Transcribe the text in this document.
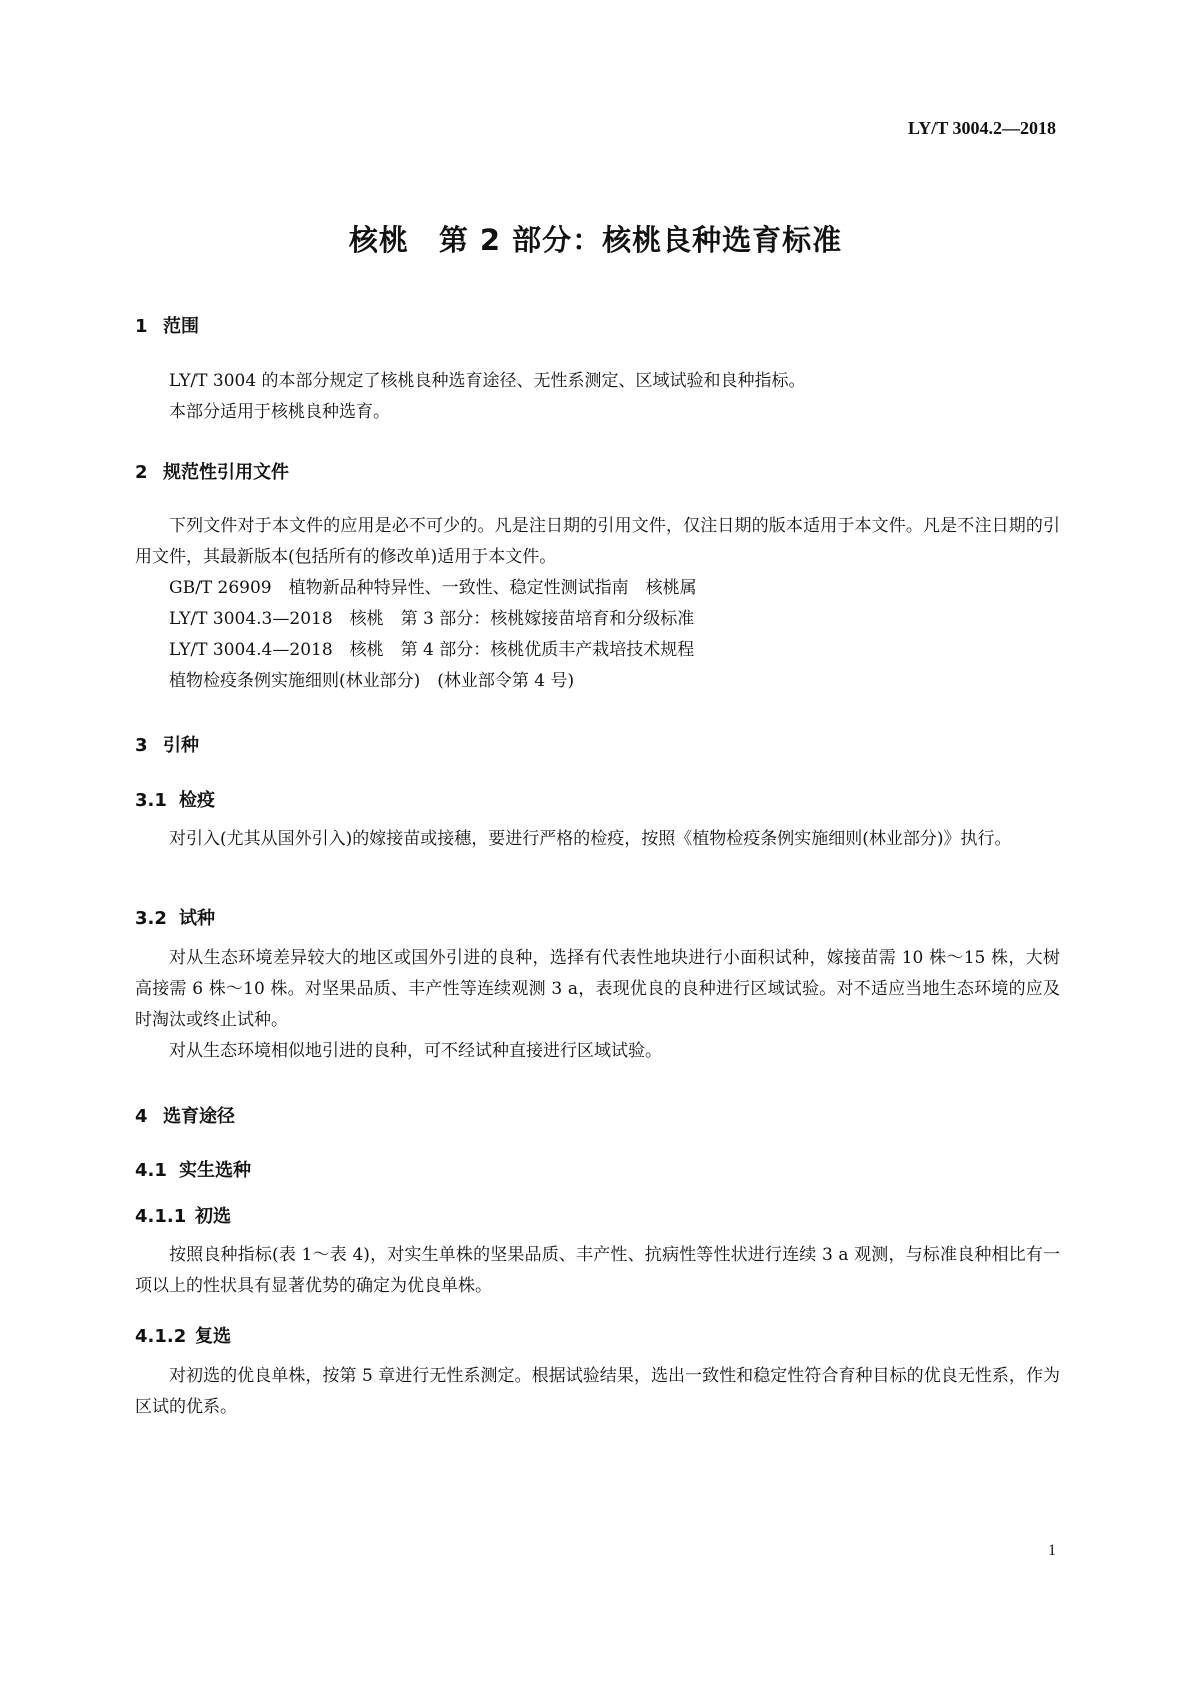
LY/T 3004.2—2018
核桃　第 2 部分：核桃良种选育标准
1 范围

LY/T 3004 的本部分规定了核桃良种选育途径、无性系测定、区域试验和良种指标。

本部分适用于核桃良种选育。

2 规范性引用文件

下列文件对于本文件的应用是必不可少的。凡是注日期的引用文件，仅注日期的版本适用于本文件。凡是不注日期的引用文件，其最新版本(包括所有的修改单)适用于本文件。

GB/T 26909　植物新品种特异性、一致性、稳定性测试指南　核桃属

LY/T 3004.3—2018　核桃　第 3 部分：核桃嫁接苗培育和分级标准

LY/T 3004.4—2018　核桃　第 4 部分：核桃优质丰产栽培技术规程

植物检疫条例实施细则(林业部分)　(林业部令第 4 号)

3 引种
3.1 检疫

对引入(尤其从国外引入)的嫁接苗或接穗，要进行严格的检疫，按照《植物检疫条例实施细则(林业部分)》执行。

3.2 试种

对从生态环境差异较大的地区或国外引进的良种，选择有代表性地块进行小面积试种，嫁接苗需 10 株～15 株，大树高接需 6 株～10 株。对坚果品质、丰产性等连续观测 3 a，表现优良的良种进行区域试验。对不适应当地生态环境的应及时淘汰或终止试种。

对从生态环境相似地引进的良种，可不经试种直接进行区域试验。

4 选育途径
4.1 实生选种
4.1.1 初选

按照良种指标(表 1～表 4)，对实生单株的坚果品质、丰产性、抗病性等性状进行连续 3 a 观测，与标准良种相比有一项以上的性状具有显著优势的确定为优良单株。

4.1.2 复选

对初选的优良单株，按第 5 章进行无性系测定。根据试验结果，选出一致性和稳定性符合育种目标的优良无性系，作为区试的优系。

1
